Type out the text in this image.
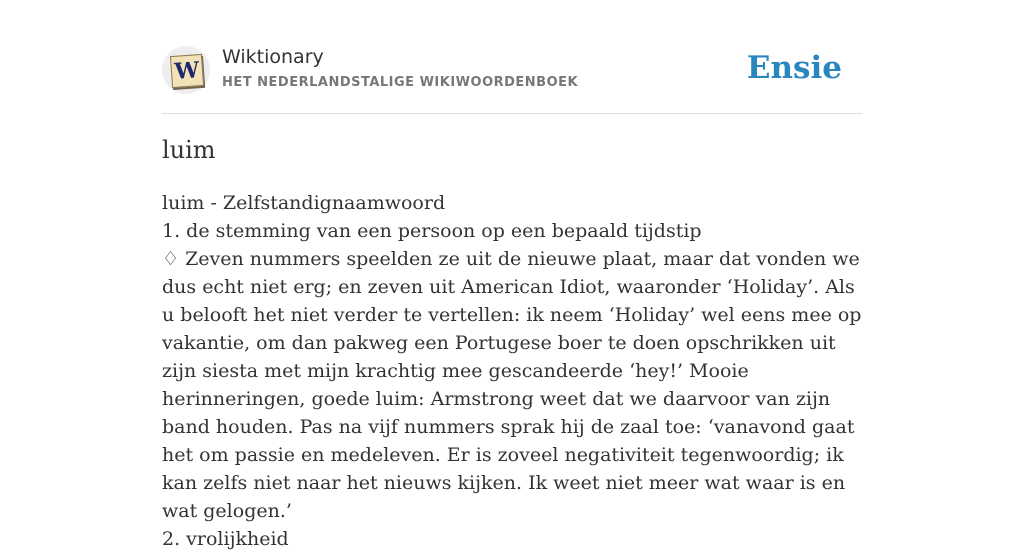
W
Wiktionary
HET NEDERLANDSTALIGE WIKIWOORDENBOEK	Ensie
luim
luim - Zelfstandignaamwoord
1. de stemming van een persoon op een bepaald tijdstip
♢ Zeven nummers speelden ze uit de nieuwe plaat, maar dat vonden we dus echt niet erg; en zeven uit American Idiot, waaronder ‘Holiday’. Als u belooft het niet verder te vertellen: ik neem ‘Holiday’ wel eens mee op vakantie, om dan pakweg een Portugese boer te doen opschrikken uit zijn siesta met mijn krachtig mee gescandeerde ‘hey!’ Mooie herinneringen, goede luim: Armstrong weet dat we daarvoor van zijn band houden. Pas na vijf nummers sprak hij de zaal toe: ‘vanavond gaat het om passie en medeleven. Er is zoveel negativiteit tegenwoordig; ik kan zelfs niet naar het nieuws kijken. Ik weet niet meer wat waar is en wat gelogen.’
2. vrolijkheid
